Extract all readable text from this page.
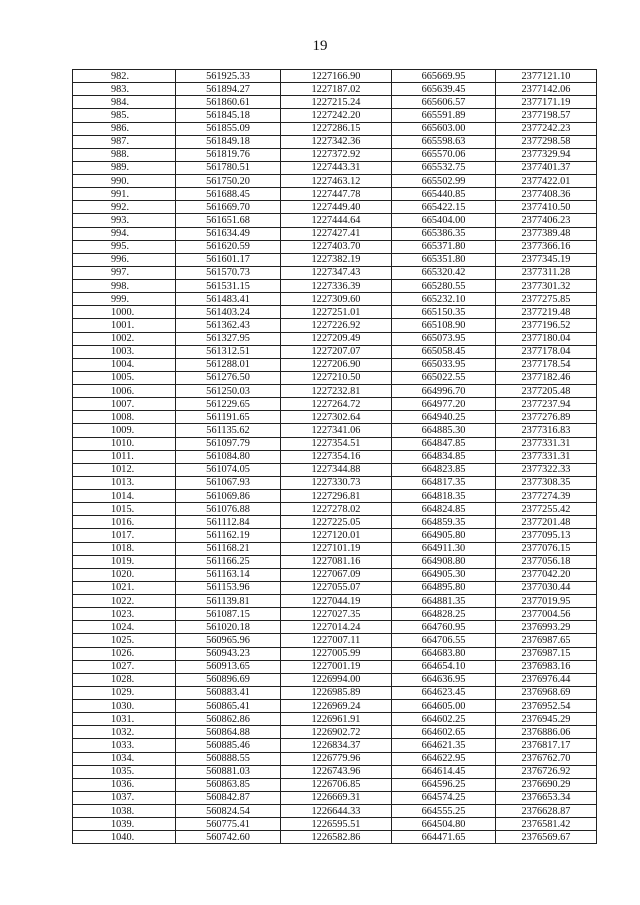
19
982.	561925.33	1227166.90	665669.95	2377121.10
983.	561894.27	1227187.02	665639.45	2377142.06
984.	561860.61	1227215.24	665606.57	2377171.19
985.	561845.18	1227242.20	665591.89	2377198.57
986.	561855.09	1227286.15	665603.00	2377242.23
987.	561849.18	1227342.36	665598.63	2377298.58
988.	561819.76	1227372.92	665570.06	2377329.94
989.	561780.51	1227443.31	665532.75	2377401.37
990.	561750.20	1227463.12	665502.99	2377422.01
991.	561688.45	1227447.78	665440.85	2377408.36
992.	561669.70	1227449.40	665422.15	2377410.50
993.	561651.68	1227444.64	665404.00	2377406.23
994.	561634.49	1227427.41	665386.35	2377389.48
995.	561620.59	1227403.70	665371.80	2377366.16
996.	561601.17	1227382.19	665351.80	2377345.19
997.	561570.73	1227347.43	665320.42	2377311.28
998.	561531.15	1227336.39	665280.55	2377301.32
999.	561483.41	1227309.60	665232.10	2377275.85
1000.	561403.24	1227251.01	665150.35	2377219.48
1001.	561362.43	1227226.92	665108.90	2377196.52
1002.	561327.95	1227209.49	665073.95	2377180.04
1003.	561312.51	1227207.07	665058.45	2377178.04
1004.	561288.01	1227206.90	665033.95	2377178.54
1005.	561276.50	1227210.50	665022.55	2377182.46
1006.	561250.03	1227232.81	664996.70	2377205.48
1007.	561229.65	1227264.72	664977.20	2377237.94
1008.	561191.65	1227302.64	664940.25	2377276.89
1009.	561135.62	1227341.06	664885.30	2377316.83
1010.	561097.79	1227354.51	664847.85	2377331.31
1011.	561084.80	1227354.16	664834.85	2377331.31
1012.	561074.05	1227344.88	664823.85	2377322.33
1013.	561067.93	1227330.73	664817.35	2377308.35
1014.	561069.86	1227296.81	664818.35	2377274.39
1015.	561076.88	1227278.02	664824.85	2377255.42
1016.	561112.84	1227225.05	664859.35	2377201.48
1017.	561162.19	1227120.01	664905.80	2377095.13
1018.	561168.21	1227101.19	664911.30	2377076.15
1019.	561166.25	1227081.16	664908.80	2377056.18
1020.	561163.14	1227067.09	664905.30	2377042.20
1021.	561153.96	1227055.07	664895.80	2377030.44
1022.	561139.81	1227044.19	664881.35	2377019.95
1023.	561087.15	1227027.35	664828.25	2377004.56
1024.	561020.18	1227014.24	664760.95	2376993.29
1025.	560965.96	1227007.11	664706.55	2376987.65
1026.	560943.23	1227005.99	664683.80	2376987.15
1027.	560913.65	1227001.19	664654.10	2376983.16
1028.	560896.69	1226994.00	664636.95	2376976.44
1029.	560883.41	1226985.89	664623.45	2376968.69
1030.	560865.41	1226969.24	664605.00	2376952.54
1031.	560862.86	1226961.91	664602.25	2376945.29
1032.	560864.88	1226902.72	664602.65	2376886.06
1033.	560885.46	1226834.37	664621.35	2376817.17
1034.	560888.55	1226779.96	664622.95	2376762.70
1035.	560881.03	1226743.96	664614.45	2376726.92
1036.	560863.85	1226706.85	664596.25	2376690.29
1037.	560842.87	1226669.31	664574.25	2376653.34
1038.	560824.54	1226644.33	664555.25	2376628.87
1039.	560775.41	1226595.51	664504.80	2376581.42
1040.	560742.60	1226582.86	664471.65	2376569.67
